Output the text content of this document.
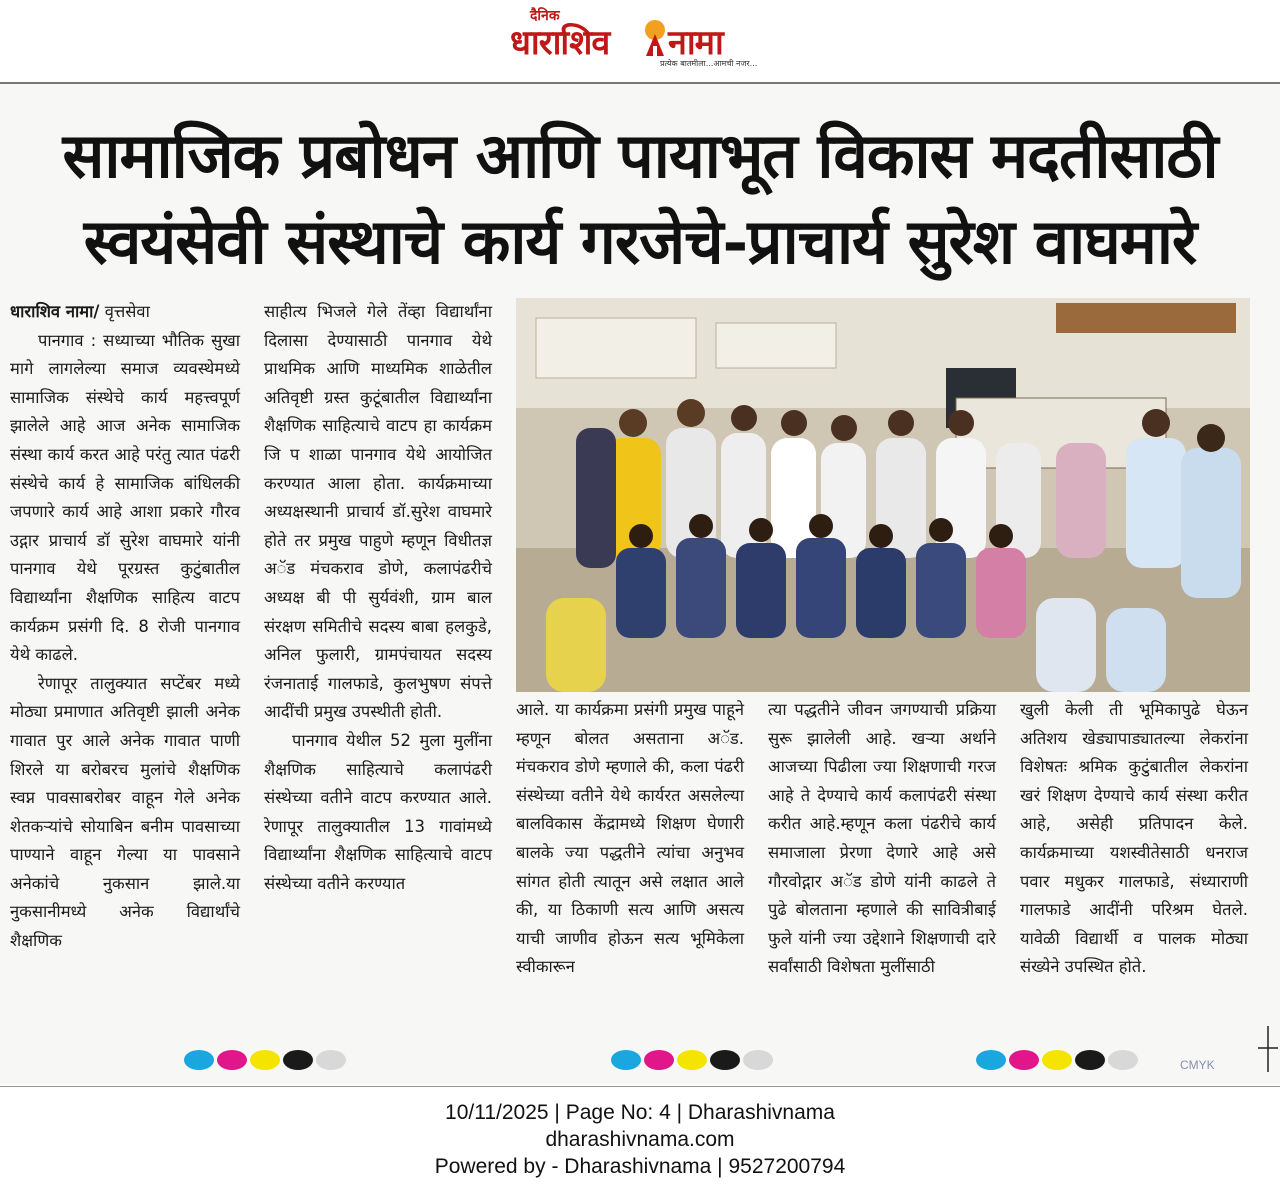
दैनिक
धाराशिव नामा
प्रत्येक बातमीला...आमची नजर...
सामाजिक प्रबोधन आणि पायाभूत विकास मदतीसाठी
स्वयंसेवी संस्थाचे कार्य गरजेचे-प्राचार्य सुरेश वाघमारे

धाराशिव नामा/ वृत्तसेवा

पानगाव : सध्याच्या भौतिक सुखा मागे लागलेल्या समाज व्यवस्थेमध्ये सामाजिक संस्थेचे कार्य महत्त्वपूर्ण झालेले आहे आज अनेक सामाजिक संस्था कार्य करत आहे परंतु त्यात पंढरी संस्थेचे कार्य हे सामाजिक बांधिलकी जपणारे कार्य आहे आशा प्रकारे गौरव उद्गार प्राचार्य डॉ सुरेश वाघमारे यांनी पानगाव येथे पूरग्रस्त कुटुंबातील विद्यार्थ्यांना शैक्षणिक साहित्य वाटप कार्यक्रम प्रसंगी दि. 8 रोजी पानगाव येथे काढले.

रेणापूर तालुक्यात सप्टेंबर मध्ये मोठ्या प्रमाणात अतिवृष्टी झाली अनेक गावात पुर आले अनेक गावात पाणी शिरले या बरोबरच मुलांचे शैक्षणिक स्वप्न पावसाबरोबर वाहून गेले अनेक शेतकऱ्यांचे सोयाबिन बनीम पावसाच्या पाण्याने वाहून गेल्या या पावसाने अनेकांचे नुकसान झाले.या नुकसानीमध्ये अनेक विद्यार्थांचे शैक्षणिक

साहीत्य भिजले गेले तेंव्हा विद्यार्थांना दिलासा देण्यासाठी पानगाव येथे प्राथमिक आणि माध्यमिक शाळेतील अतिवृष्टी ग्रस्त कुटूंबातील विद्यार्थ्यांना शैक्षणिक साहित्याचे वाटप हा कार्यक्रम जि प शाळा पानगाव येथे आयोजित करण्यात आला होता. कार्यक्रमाच्या अध्यक्षस्थानी प्राचार्य डॉ.सुरेश वाघमारे होते तर प्रमुख पाहुणे म्हणून विधीतज्ञ अॅड मंचकराव डोणे, कलापंढरीचे अध्यक्ष बी पी सुर्यवंशी, ग्राम बाल संरक्षण समितीचे सदस्य बाबा हलकुडे, अनिल फुलारी, ग्रामपंचायत सदस्य रंजनाताई गालफाडे, कुलभुषण संपत्ते आदींची प्रमुख उपस्थीती होती.

पानगाव येथील 52 मुला मुलींना शैक्षणिक साहित्याचे कलापंढरी संस्थेच्या वतीने वाटप करण्यात आले. रेणापूर तालुक्यातील 13 गावांमध्ये विद्यार्थ्यांना शैक्षणिक साहित्याचे वाटप संस्थेच्या वतीने करण्यात

आले. या कार्यक्रमा प्रसंगी प्रमुख पाहूने म्हणून बोलत असताना अॅड. मंचकराव डोणे म्हणाले की, कला पंढरी संस्थेच्या वतीने येथे कार्यरत असलेल्या बालविकास केंद्रामध्ये शिक्षण घेणारी बालके ज्या पद्धतीने त्यांचा अनुभव सांगत होती त्यातून असे लक्षात आले की, या ठिकाणी सत्य आणि असत्य याची जाणीव होऊन सत्य भूमिकेला स्वीकारून

त्या पद्धतीने जीवन जगण्याची प्रक्रिया सुरू झालेली आहे. खऱ्या अर्थाने आजच्या पिढीला ज्या शिक्षणाची गरज आहे ते देण्याचे कार्य कलापंढरी संस्था करीत आहे.म्हणून कला पंढरीचे कार्य समाजाला प्रेरणा देणारे आहे असे गौरवोद्गार अॅड डोणे यांनी काढले ते पुढे बोलताना म्हणाले की सावित्रीबाई फुले यांनी ज्या उद्देशाने शिक्षणाची दारे सर्वांसाठी विशेषता मुलींसाठी

खुली केली ती भूमिकापुढे घेऊन अतिशय खेड्यापाड्यातल्या लेकरांना विशेषतः श्रमिक कुटुंबातील लेकरांना खरं शिक्षण देण्याचे कार्य संस्था करीत आहे, असेही प्रतिपादन केले. कार्यक्रमाच्या यशस्वीतेसाठी धनराज पवार मधुकर गालफाडे, संध्याराणी गालफाडे आदींनी परिश्रम घेतले. यावेळी विद्यार्थी व पालक मोठ्या संख्येने उपस्थित होते.

CMYK
10/11/2025 | Page No: 4 | Dharashivnama
dharashivnama.com
Powered by - Dharashivnama | 9527200794
